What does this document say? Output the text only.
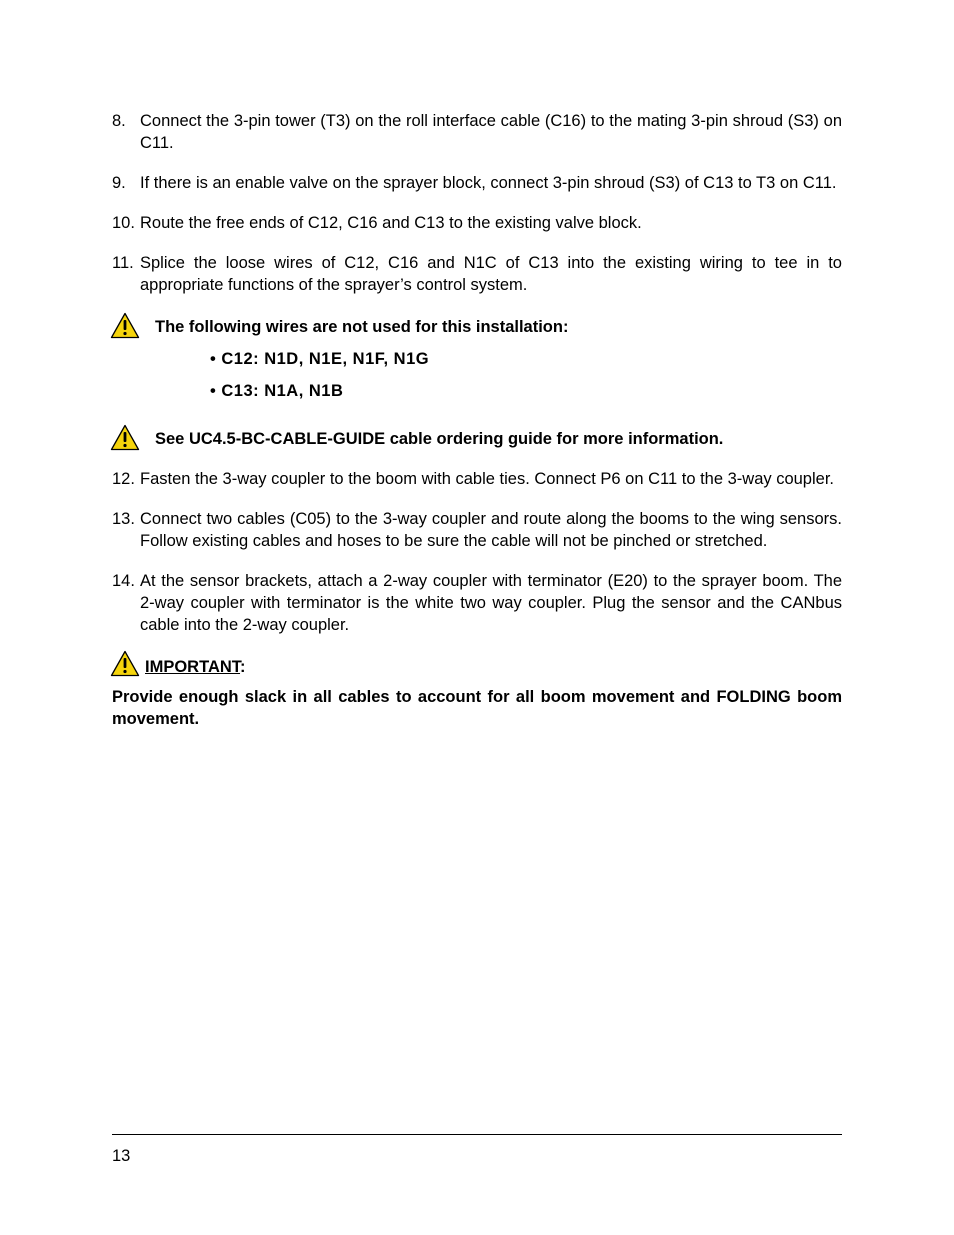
8. Connect the 3-pin tower (T3) on the roll interface cable (C16) to the mating 3-pin shroud (S3) on C11.
9. If there is an enable valve on the sprayer block, connect 3-pin shroud (S3) of C13 to T3 on C11.
10. Route the free ends of C12, C16 and C13 to the existing valve block.
11. Splice the loose wires of C12, C16 and N1C of C13 into the existing wiring to tee in to appropriate functions of the sprayer’s control system.
The following wires are not used for this installation:
• C12: N1D, N1E, N1F, N1G
• C13: N1A, N1B
See UC4.5-BC-CABLE-GUIDE cable ordering guide for more information.
12. Fasten the 3-way coupler to the boom with cable ties. Connect P6 on C11 to the 3-way coupler.
13. Connect two cables (C05) to the 3-way coupler and route along the booms to the wing sensors. Follow existing cables and hoses to be sure the cable will not be pinched or stretched.
14. At the sensor brackets, attach a 2-way coupler with terminator (E20) to the sprayer boom. The 2-way coupler with terminator is the white two way coupler. Plug the sensor and the CANbus cable into the 2-way coupler.
IMPORTANT:
Provide enough slack in all cables to account for all boom movement and FOLDING boom movement.
13
